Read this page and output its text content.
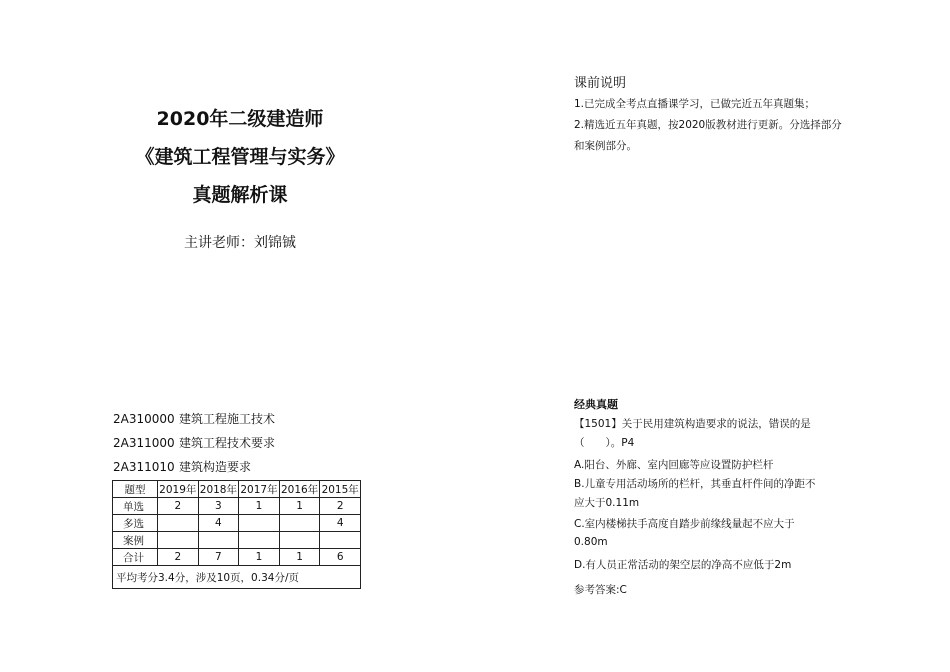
2020年二级建造师
《建筑工程管理与实务》
真题解析课
主讲老师：刘锦铖
课前说明
1.已完成全考点直播课学习，已做完近五年真题集；
2.精选近五年真题，按2020版教材进行更新。分选择部分和案例部分。
2A310000 建筑工程施工技术
2A311000 建筑工程技术要求
2A311010 建筑构造要求
题型	2019年	2018年	2017年	2016年	2015年
单选	2	3	1	1	2
多选		4			4
案例					
合计	2	7	1	1	6
平均考分3.4分，涉及10页，0.34分/页					
经典真题
【1501】关于民用建筑构造要求的说法，错误的是
（　　）。P4
A.阳台、外廊、室内回廊等应设置防护栏杆
B.儿童专用活动场所的栏杆，其垂直杆件间的净距不
应大于0.11m
C.室内楼梯扶手高度自踏步前缘线量起不应大于
0.80m
D.有人员正常活动的架空层的净高不应低于2m
参考答案:C
